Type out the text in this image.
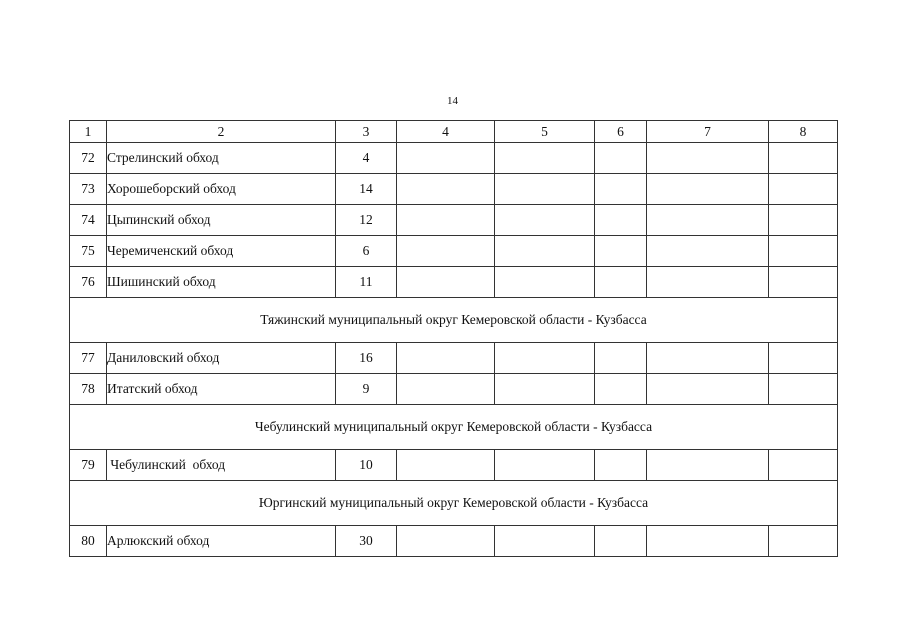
14
1	2	3	4	5	6	7	8
72	Стрелинский обход	4					
73	Хорошеборский обход	14					
74	Цыпинский обход	12					
75	Черемиченский обход	6					
76	Шишинский обход	11					
Тяжинский муниципальный округ Кемеровской области - Кузбасса							
77	Даниловский обход	16					
78	Итатский обход	9					
Чебулинский муниципальный округ Кемеровской области - Кузбасса							
79	Чебулинский  обход	10					
Юргинский муниципальный округ Кемеровской области - Кузбасса							
80	Арлюкский обход	30					
